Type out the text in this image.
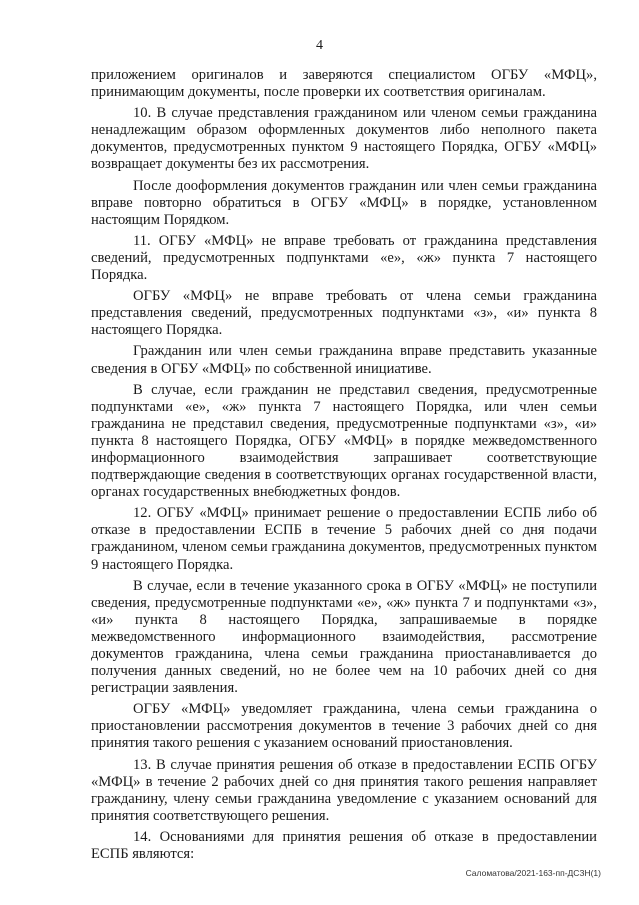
4

приложением оригиналов и заверяются специалистом ОГБУ «МФЦ», принимающим документы, после проверки их соответствия оригиналам.

10. В случае представления гражданином или членом семьи гражданина ненадлежащим образом оформленных документов либо неполного пакета документов, предусмотренных пунктом 9 настоящего Порядка, ОГБУ «МФЦ» возвращает документы без их рассмотрения.

После дооформления документов гражданин или член семьи гражданина вправе повторно обратиться в ОГБУ «МФЦ» в порядке, установленном настоящим Порядком.

11. ОГБУ «МФЦ» не вправе требовать от гражданина представления сведений, предусмотренных подпунктами «е», «ж» пункта 7 настоящего Порядка.

ОГБУ «МФЦ» не вправе требовать от члена семьи гражданина представления сведений, предусмотренных подпунктами «з», «и» пункта 8 настоящего Порядка.

Гражданин или член семьи гражданина вправе представить указанные сведения в ОГБУ «МФЦ» по собственной инициативе.

В случае, если гражданин не представил сведения, предусмотренные подпунктами «е», «ж» пункта 7 настоящего Порядка, или член семьи гражданина не представил сведения, предусмотренные подпунктами «з», «и» пункта 8 настоящего Порядка, ОГБУ «МФЦ» в порядке межведомственного информационного взаимодействия запрашивает соответствующие подтверждающие сведения в соответствующих органах государственной власти, органах государственных внебюджетных фондов.

12. ОГБУ «МФЦ» принимает решение о предоставлении ЕСПБ либо об отказе в предоставлении ЕСПБ в течение 5 рабочих дней со дня подачи гражданином, членом семьи гражданина документов, предусмотренных пунктом 9 настоящего Порядка.

В случае, если в течение указанного срока в ОГБУ «МФЦ» не поступили сведения, предусмотренные подпунктами «е», «ж» пункта 7 и подпунктами «з», «и» пункта 8 настоящего Порядка, запрашиваемые в порядке межведомственного информационного взаимодействия, рассмотрение документов гражданина, члена семьи гражданина приостанавливается до получения данных сведений, но не более чем на 10 рабочих дней со дня регистрации заявления.

ОГБУ «МФЦ» уведомляет гражданина, члена семьи гражданина о приостановлении рассмотрения документов в течение 3 рабочих дней со дня принятия такого решения с указанием оснований приостановления.

13. В случае принятия решения об отказе в предоставлении ЕСПБ ОГБУ «МФЦ» в течение 2 рабочих дней со дня принятия такого решения направляет гражданину, члену семьи гражданина уведомление с указанием оснований для принятия соответствующего решения.

14. Основаниями для принятия решения об отказе в предоставлении ЕСПБ являются:

Саломатова/2021-163-пп-ДСЗН(1)
